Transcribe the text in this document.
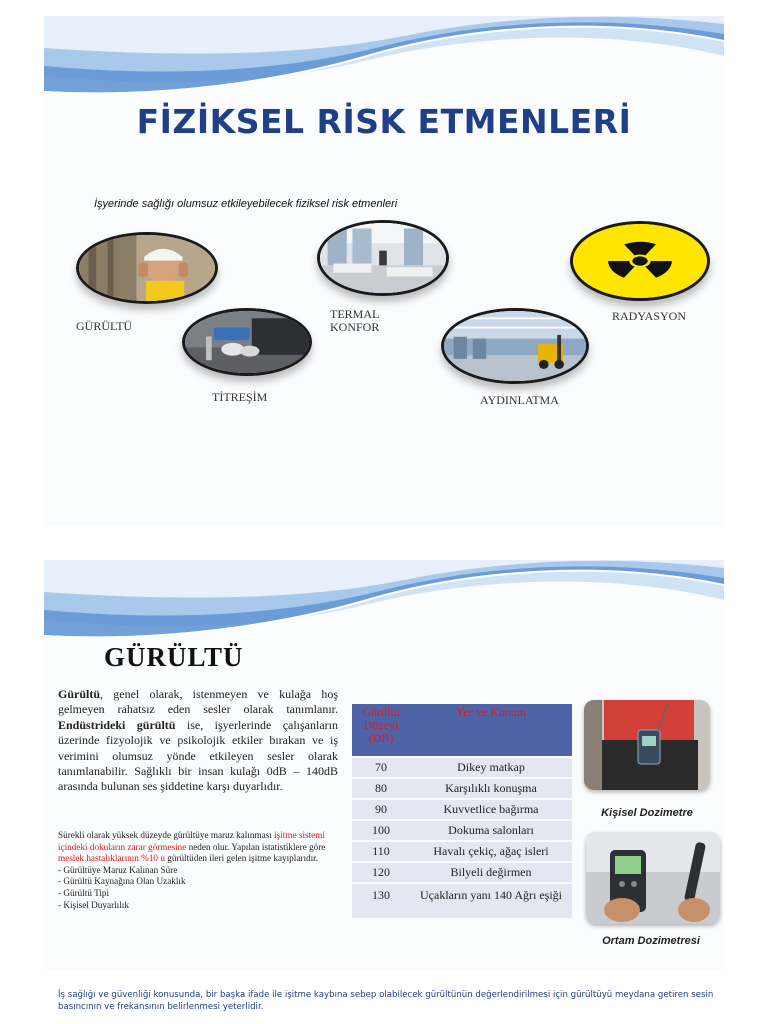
FİZİKSEL RİSK ETMENLERİ
İşyerinde sağlığı olumsuz etkileyebilecek fiziksel risk etmenleri
GÜRÜLTÜ
TİTREŞİM
TERMAL
KONFOR
AYDINLATMA
RADYASYON
GÜRÜLTÜ
Gürültü, genel olarak, istenmeyen ve kulağa hoş gelmeyen rahatsız eden sesler olarak tanımlanır. Endüstrideki gürültü ise, işyerlerinde çalışanların üzerinde fizyolojik ve psikolojik etkiler bırakan ve iş verimini olumsuz yönde etkileyen sesler olarak tanımlanabilir. Sağlıklı bir insan kulağı 0dB – 140dB arasında bulunan ses şiddetine karşı duyarlıdır.
Sürekli olarak yüksek düzeyde gürültüye maruz kalınması işitme sistemi içindeki dokuların zarar görmesine neden olur. Yapılan istatistiklere göre meslek hastalıklarının %10 u gürültüden ileri gelen işitme kayıplarıdır.
- Gürültüye Maruz Kalınan Süre
- Gürültü Kaynağına Olan Uzaklık
- Gürültü Tipi
- Kişisel Duyarlılık
Gürültü Düzeyi (DB)	Yer ve Konum
70	Dikey matkap
80	Karşılıklı konuşma
90	Kuvvetlice bağırma
100	Dokuma salonları
110	Havalı çekiç, ağaç isleri
120	Bilyeli değirmen
130	Uçakların yanı 140 Ağrı eşiği
Kişisel Dozimetre
Ortam Dozimetresi
İş sağlığı ve güvenliği konusunda, bir başka ifade ile işitme kaybına sebep olabilecek gürültünün değerlendirilmesi için gürültüyü meydana getiren sesin basıncının ve frekansının belirlenmesi yeterlidir.
